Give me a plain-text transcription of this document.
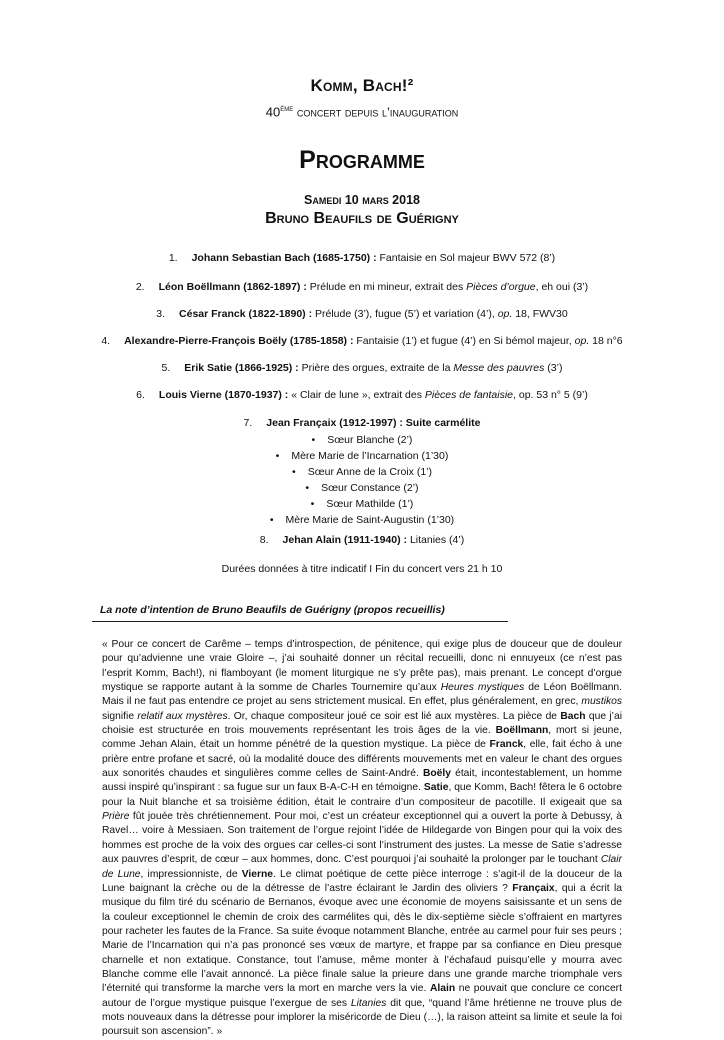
Komm, Bach!²
40ème concert depuis l’inauguration
Programme
Samedi 10 mars 2018
Bruno Beaufils de Guérigny
1. Johann Sebastian Bach (1685-1750) : Fantaisie en Sol majeur BWV 572 (8’)
2. Léon Boëllmann (1862-1897) : Prélude en mi mineur, extrait des Pièces d’orgue, eh oui (3’)
3. César Franck (1822-1890) : Prélude (3’), fugue (5’) et variation (4’), op. 18, FWV30
4. Alexandre-Pierre-François Boëly (1785-1858) : Fantaisie (1’) et fugue (4’) en Si bémol majeur, op. 18 n°6
5. Erik Satie (1866-1925) : Prière des orgues, extraite de la Messe des pauvres (3’)
6. Louis Vierne (1870-1937) : « Clair de lune », extrait des Pièces de fantaisie, op. 53 n° 5 (9’)
7. Jean Françaix (1912-1997) : Suite carmélite
• Sœur Blanche (2’)
• Mère Marie de l’Incarnation (1’30)
• Sœur Anne de la Croix (1’)
• Sœur Constance (2’)
• Sœur Mathilde (1’)
• Mère Marie de Saint-Augustin (1’30)
8. Jehan Alain (1911-1940) : Litanies (4’)
Durées données à titre indicatif I Fin du concert vers 21 h 10
La note d’intention de Bruno Beaufils de Guérigny (propos recueillis)
« Pour ce concert de Carême – temps d’introspection, de pénitence, qui exige plus de douceur que de douleur pour qu’advienne une vraie Gloire –, j’ai souhaité donner un récital recueilli, donc ni ennuyeux (ce n’est pas l’esprit Komm, Bach!), ni flamboyant (le moment liturgique ne s’y prête pas), mais prenant. Le concept d’orgue mystique se rapporte autant à la somme de Charles Tournemire qu’aux Heures mystiques de Léon Boëllmann. Mais il ne faut pas entendre ce projet au sens strictement musical. En effet, plus généralement, en grec, mustikos signifie relatif aux mystères. Or, chaque compositeur joué ce soir est lié aux mystères. La pièce de Bach que j’ai choisie est structurée en trois mouvements représentant les trois âges de la vie. Boëllmann, mort si jeune, comme Jehan Alain, était un homme pénétré de la question mystique. La pièce de Franck, elle, fait écho à une prière entre profane et sacré, où la modalité douce des différents mouvements met en valeur le chant des orgues aux sonorités chaudes et singulières comme celles de Saint-André. Boëly était, incontestablement, un homme aussi inspiré qu’inspirant : sa fugue sur un faux B-A-C-H en témoigne. Satie, que Komm, Bach! fêtera le 6 octobre pour la Nuit blanche et sa troisième édition, était le contraire d’un compositeur de pacotille. Il exigeait que sa Prière fût jouée très chrétiennement. Pour moi, c’est un créateur exceptionnel qui a ouvert la porte à Debussy, à Ravel… voire à Messiaen. Son traitement de l’orgue rejoint l’idée de Hildegarde von Bingen pour qui la voix des hommes est proche de la voix des orgues car celles-ci sont l’instrument des justes. La messe de Satie s’adresse aux pauvres d’esprit, de cœur – aux hommes, donc. C’est pourquoi j’ai souhaité la prolonger par le touchant Clair de Lune, impressionniste, de Vierne. Le climat poétique de cette pièce interroge : s’agit-il de la douceur de la Lune baignant la crèche ou de la détresse de l’astre éclairant le Jardin des oliviers ? Françaix, qui a écrit la musique du film tiré du scénario de Bernanos, évoque avec une économie de moyens saisissante et un sens de la couleur exceptionnel le chemin de croix des carmélites qui, dès le dix-septième siècle s’offraient en martyres pour racheter les fautes de la France. Sa suite évoque notamment Blanche, entrée au carmel pour fuir ses peurs ; Marie de l’Incarnation qui n’a pas prononcé ses vœux de martyre, et frappe par sa confiance en Dieu presque charnelle et non extatique. Constance, tout l’amuse, même monter à l’échafaud puisqu’elle y mourra avec Blanche comme elle l’avait annoncé. La pièce finale salue la prieure dans une grande marche triomphale vers l’éternité qui transforme la marche vers la mort en marche vers la vie. Alain ne pouvait que conclure ce concert autour de l’orgue mystique puisque l’exergue de ses Litanies dit que, “quand l’âme hrétienne ne trouve plus de mots nouveaux dans la détresse pour implorer la miséricorde de Dieu (…), la raison atteint sa limite et seule la foi poursuit son ascension”. »
